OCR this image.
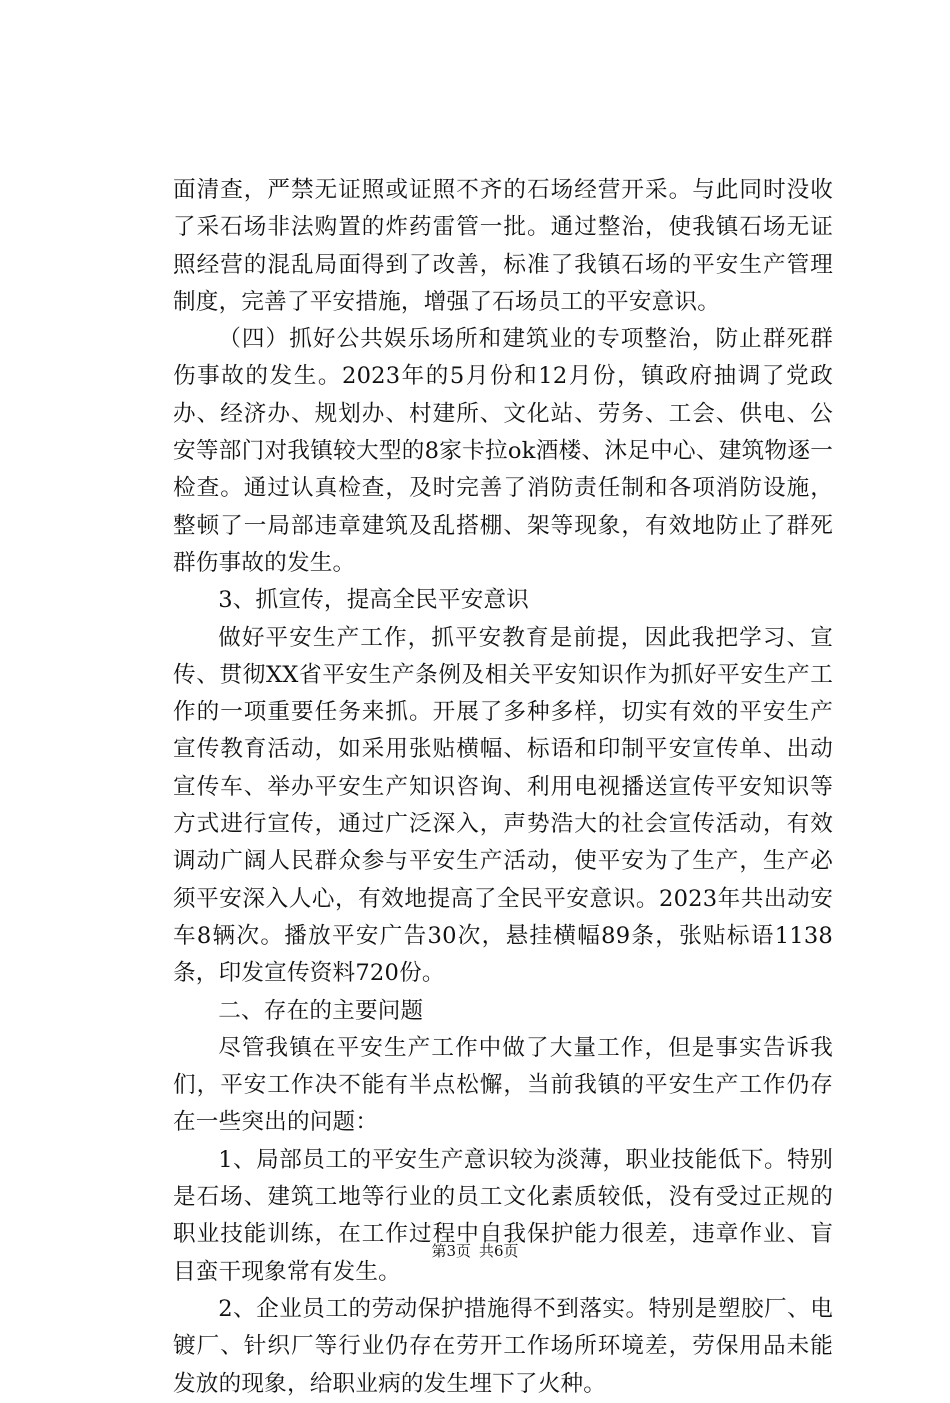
面清查，严禁无证照或证照不齐的石场经营开采。与此同时没收了采石场非法购置的炸药雷管一批。通过整治，使我镇石场无证照经营的混乱局面得到了改善，标准了我镇石场的平安生产管理制度，完善了平安措施，增强了石场员工的平安意识。

（四）抓好公共娱乐场所和建筑业的专项整治，防止群死群伤事故的发生。2023年的5月份和12月份，镇政府抽调了党政办、经济办、规划办、村建所、文化站、劳务、工会、供电、公安等部门对我镇较大型的8家卡拉ok酒楼、沐足中心、建筑物逐一检查。通过认真检查，及时完善了消防责任制和各项消防设施，整顿了一局部违章建筑及乱搭棚、架等现象，有效地防止了群死群伤事故的发生。

3、抓宣传，提高全民平安意识

做好平安生产工作，抓平安教育是前提，因此我把学习、宣传、贯彻XX省平安生产条例及相关平安知识作为抓好平安生产工作的一项重要任务来抓。开展了多种多样，切实有效的平安生产宣传教育活动，如采用张贴横幅、标语和印制平安宣传单、出动宣传车、举办平安生产知识咨询、利用电视播送宣传平安知识等方式进行宣传，通过广泛深入，声势浩大的社会宣传活动，有效调动广阔人民群众参与平安生产活动，使平安为了生产，生产必须平安深入人心，有效地提高了全民平安意识。2023年共出动安车8辆次。播放平安广告30次，悬挂横幅89条，张贴标语1138条，印发宣传资料720份。

二、存在的主要问题

尽管我镇在平安生产工作中做了大量工作，但是事实告诉我们，平安工作决不能有半点松懈，当前我镇的平安生产工作仍存在一些突出的问题：

1、局部员工的平安生产意识较为淡薄，职业技能低下。特别是石场、建筑工地等行业的员工文化素质较低，没有受过正规的职业技能训练，在工作过程中自我保护能力很差，违章作业、盲目蛮干现象常有发生。

2、企业员工的劳动保护措施得不到落实。特别是塑胶厂、电镀厂、针织厂等行业仍存在劳开工作场所环境差，劳保用品未能发放的现象，给职业病的发生埋下了火种。

第3页 共6页
